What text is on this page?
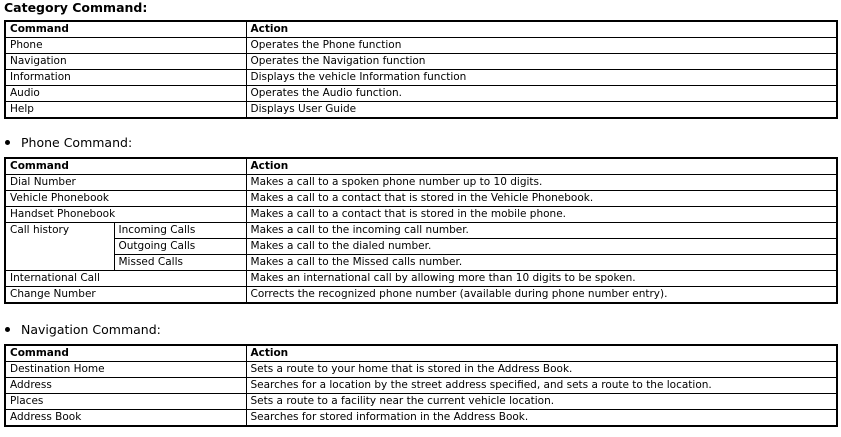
Category Command:
Command	Action
Phone	Operates the Phone function
Navigation	Operates the Navigation function
Information	Displays the vehicle Information function
Audio	Operates the Audio function.
Help	Displays User Guide
Phone Command:
Command		Action
Dial Number		Makes a call to a spoken phone number up to 10 digits.
Vehicle Phonebook		Makes a call to a contact that is stored in the Vehicle Phonebook.
Handset Phonebook		Makes a call to a contact that is stored in the mobile phone.
Call history	Incoming Calls	Makes a call to the incoming call number.
	Outgoing Calls	Makes a call to the dialed number.
	Missed Calls	Makes a call to the Missed calls number.
International Call		Makes an international call by allowing more than 10 digits to be spoken.
Change Number		Corrects the recognized phone number (available during phone number entry).
Navigation Command:
Command	Action
Destination Home	Sets a route to your home that is stored in the Address Book.
Address	Searches for a location by the street address specified, and sets a route to the location.
Places	Sets a route to a facility near the current vehicle location.
Address Book	Searches for stored information in the Address Book.
